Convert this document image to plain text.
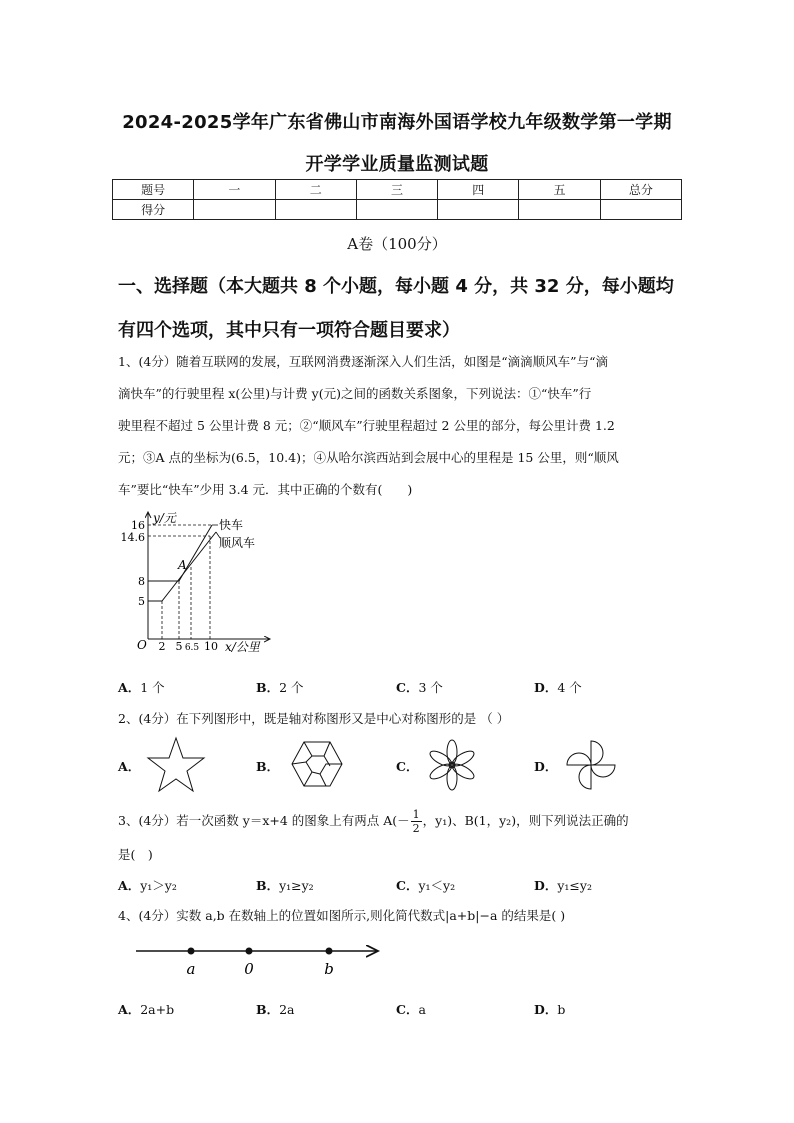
2024-2025学年广东省佛山市南海外国语学校九年级数学第一学期
开学学业质量监测试题
题号	一	二	三	四	五	总分
得分						
A卷（100分）
一、选择题（本大题共 8 个小题，每小题 4 分，共 32 分，每小题均
有四个选项，其中只有一项符合题目要求）

1、(4分）随着互联网的发展，互联网消费逐渐深入人们生活，如图是“滴滴顺风车”与“滴

滴快车”的行驶里程 x(公里)与计费 y(元)之间的函数关系图象，下列说法：①“快车”行

驶里程不超过 5 公里计费 8 元；②“顺风车”行驶里程超过 2 公里的部分，每公里计费 1.2

元；③A 点的坐标为(6.5，10.4)；④从哈尔滨西站到会展中心的里程是 15 公里，则“顺风

车”要比“快车”少用 3.4 元．其中正确的个数有(　　)

y/元
x/公里
O
16
14.6
8
5
2 5 6.5 10
A
快车
顺风车
A．1 个	B．2 个	C．3 个	D．4 个
2、(4分）在下列图形中，既是轴对称图形又是中心对称图形的是 （ ）
A．	B．	C．	D．
3、(4分）若一次函数 y＝x+4 的图象上有两点 $A(- \frac{1}{2}$ ，y₁)、B(1，y₂)，则下列说法正确的
是(　)
A．y₁＞y₂	B．y₁≥y₂	C．y₁＜y₂	D．y₁≤y₂
4、(4分）实数 a,b 在数轴上的位置如图所示,则化简代数式|a+b|−a 的结果是( )
a	0	b
A．2a+b	B．2a	C．a	D．b
